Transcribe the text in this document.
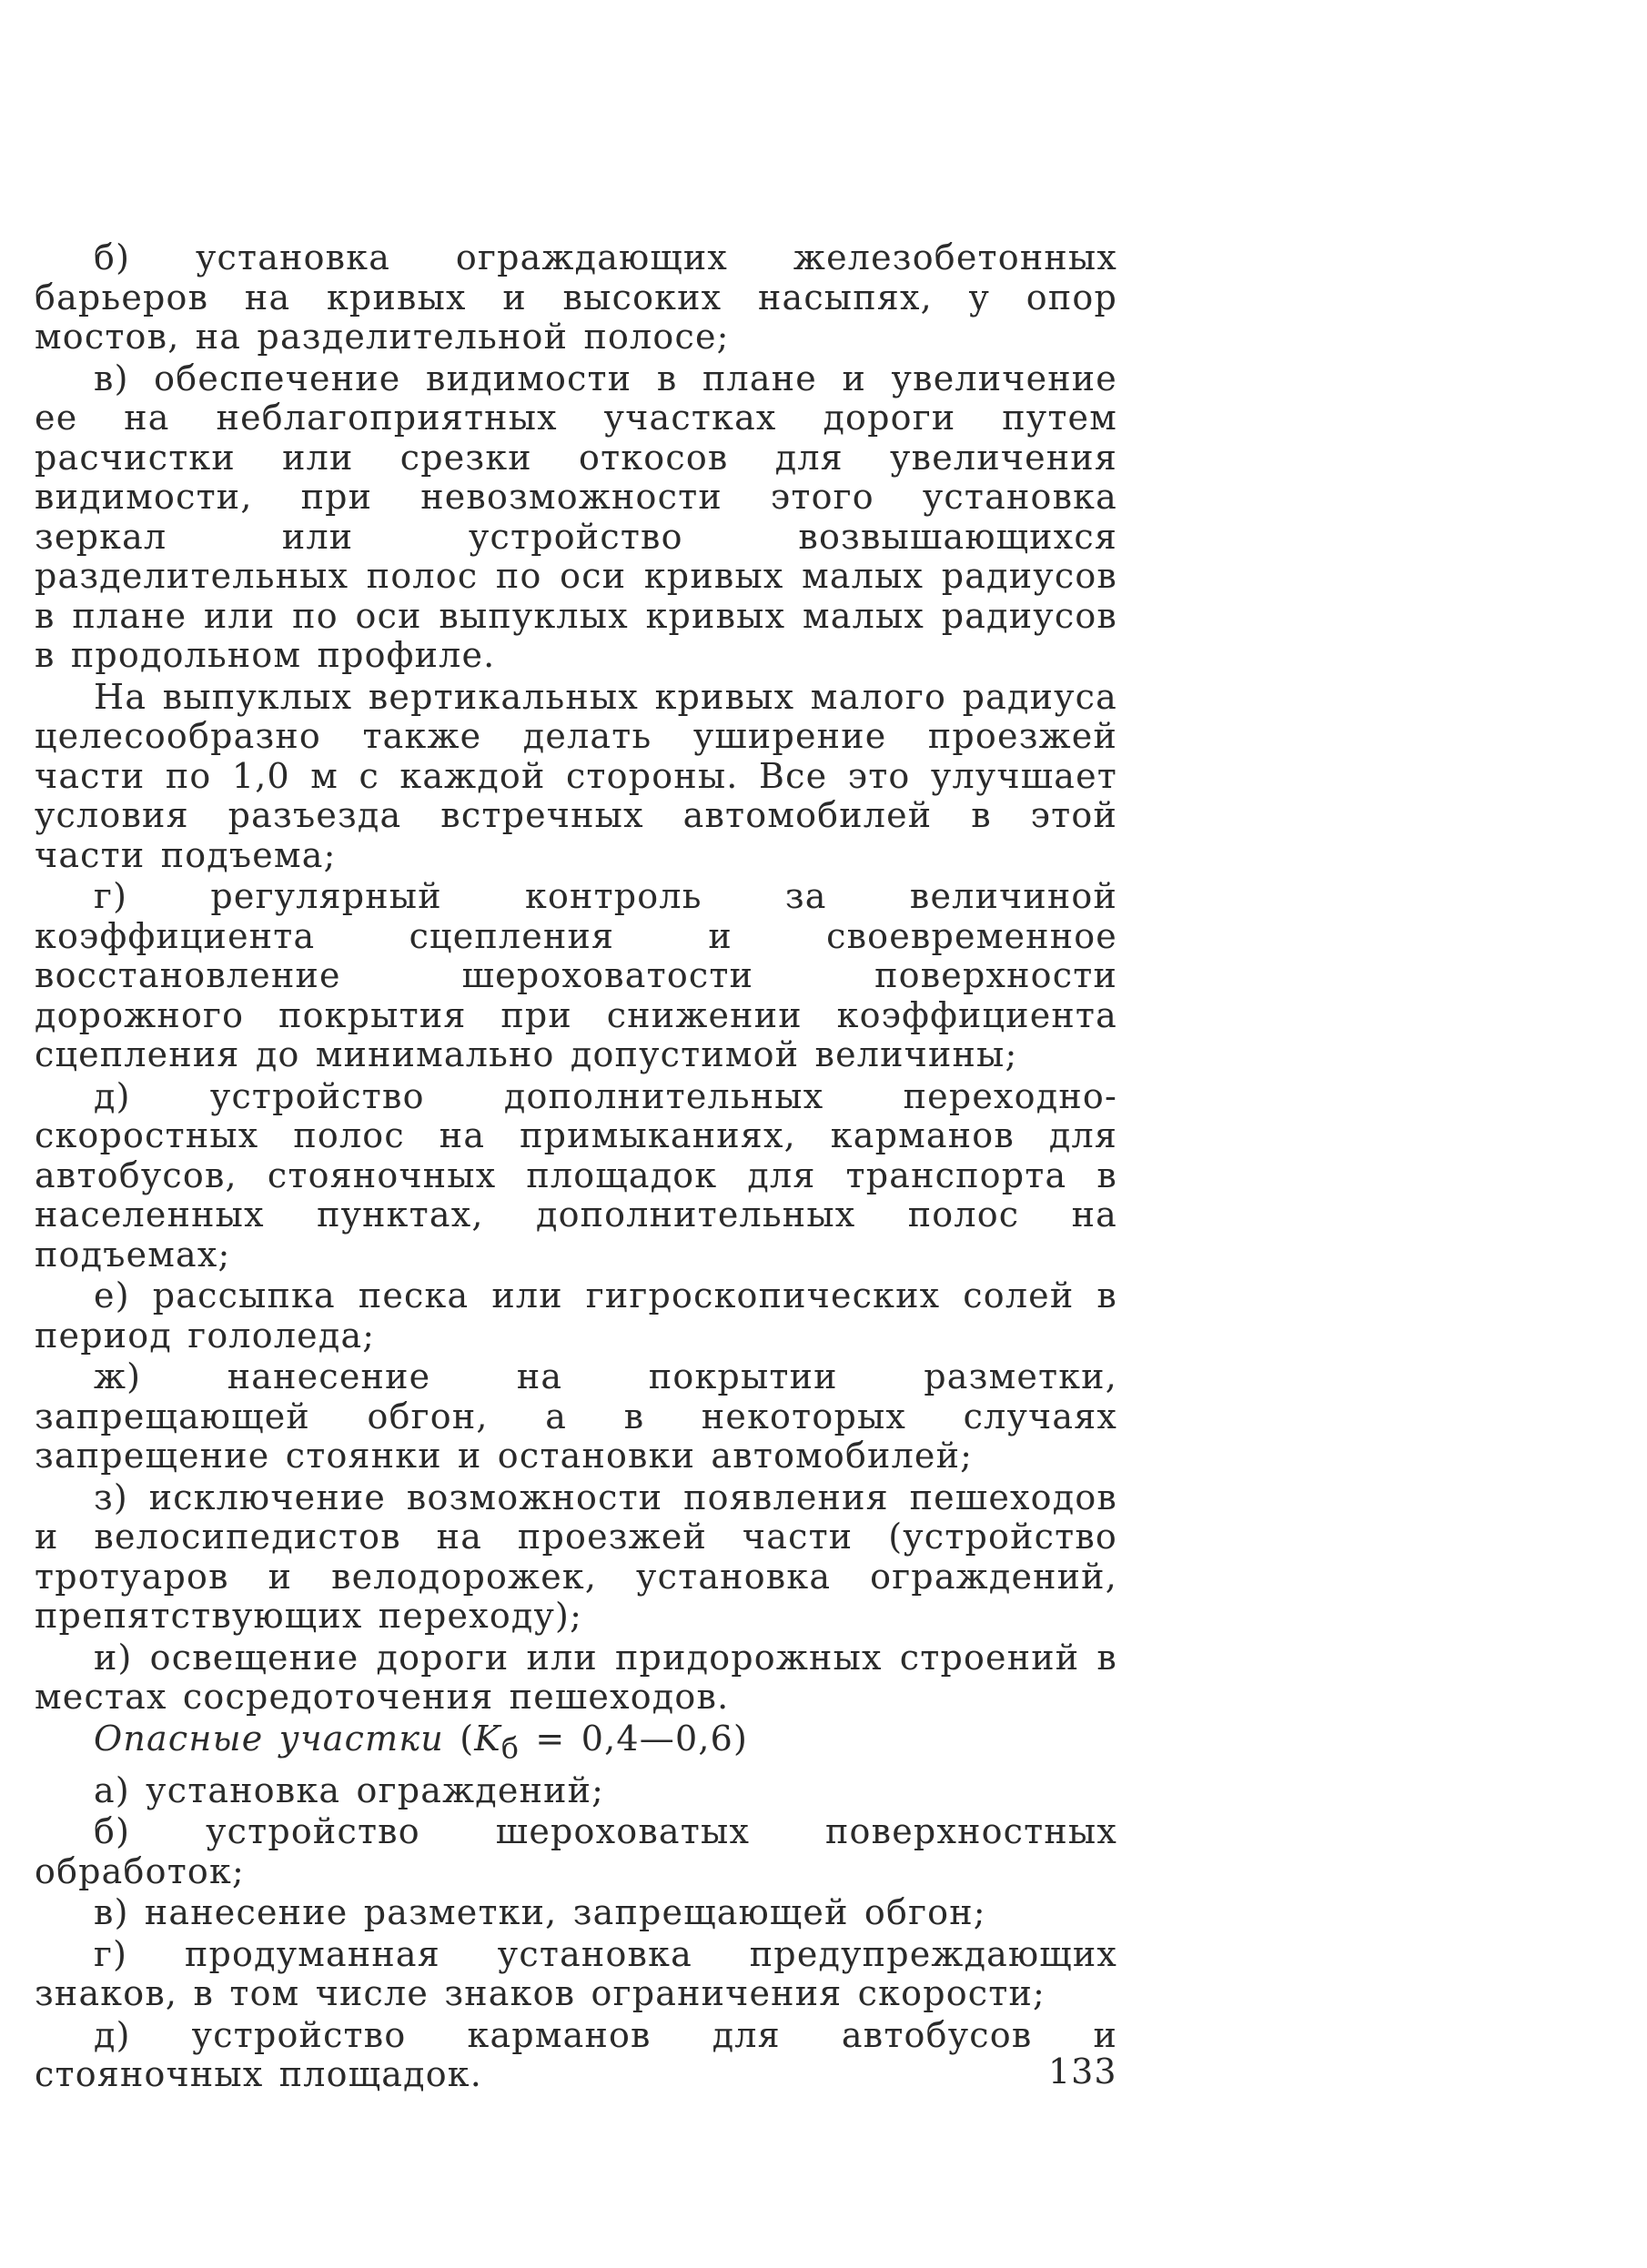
б) установка ограждающих железобетонных барьеров на кривых и высоких насыпях, у опор мостов, на разделительной полосе;

в) обеспечение видимости в плане и увеличение ее на неблагоприятных участках дороги путем расчистки или срезки откосов для увеличения видимости, при невозможности этого установка зеркал или устройство возвышающихся разделительных полос по оси кривых малых радиусов в плане или по оси выпуклых кривых малых радиусов в продольном профиле.

На выпуклых вертикальных кривых малого радиуса целесообразно также делать уширение проезжей части по 1,0 м с каждой стороны. Все это улучшает условия разъезда встречных автомобилей в этой части подъема;

г) регулярный контроль за величиной коэффициента сцепления и своевременное восстановление шероховатости поверхности дорожного покрытия при снижении коэффициента сцепления до минимально допустимой величины;

д) устройство дополнительных переходно-скоростных полос на примыканиях, карманов для автобусов, стояночных площадок для транспорта в населенных пунктах, дополнительных полос на подъемах;

е) рассыпка песка или гигроскопических солей в период гололеда;

ж) нанесение на покрытии разметки, запрещающей обгон, а в некоторых случаях запрещение стоянки и остановки автомобилей;

з) исключение возможности появления пешеходов и велосипедистов на проезжей части (устройство тротуаров и велодорожек, установка ограждений, препятствующих переходу);

и) освещение дороги или придорожных строений в местах сосредоточения пешеходов.

Опасные участки ($K_б$ = 0,4—0,6)

а) установка ограждений;

б) устройство шероховатых поверхностных обработок;

в) нанесение разметки, запрещающей обгон;

г) продуманная установка предупреждающих знаков, в том числе знаков ограничения скорости;

д) устройство карманов для автобусов и стояночных площадок.	133
